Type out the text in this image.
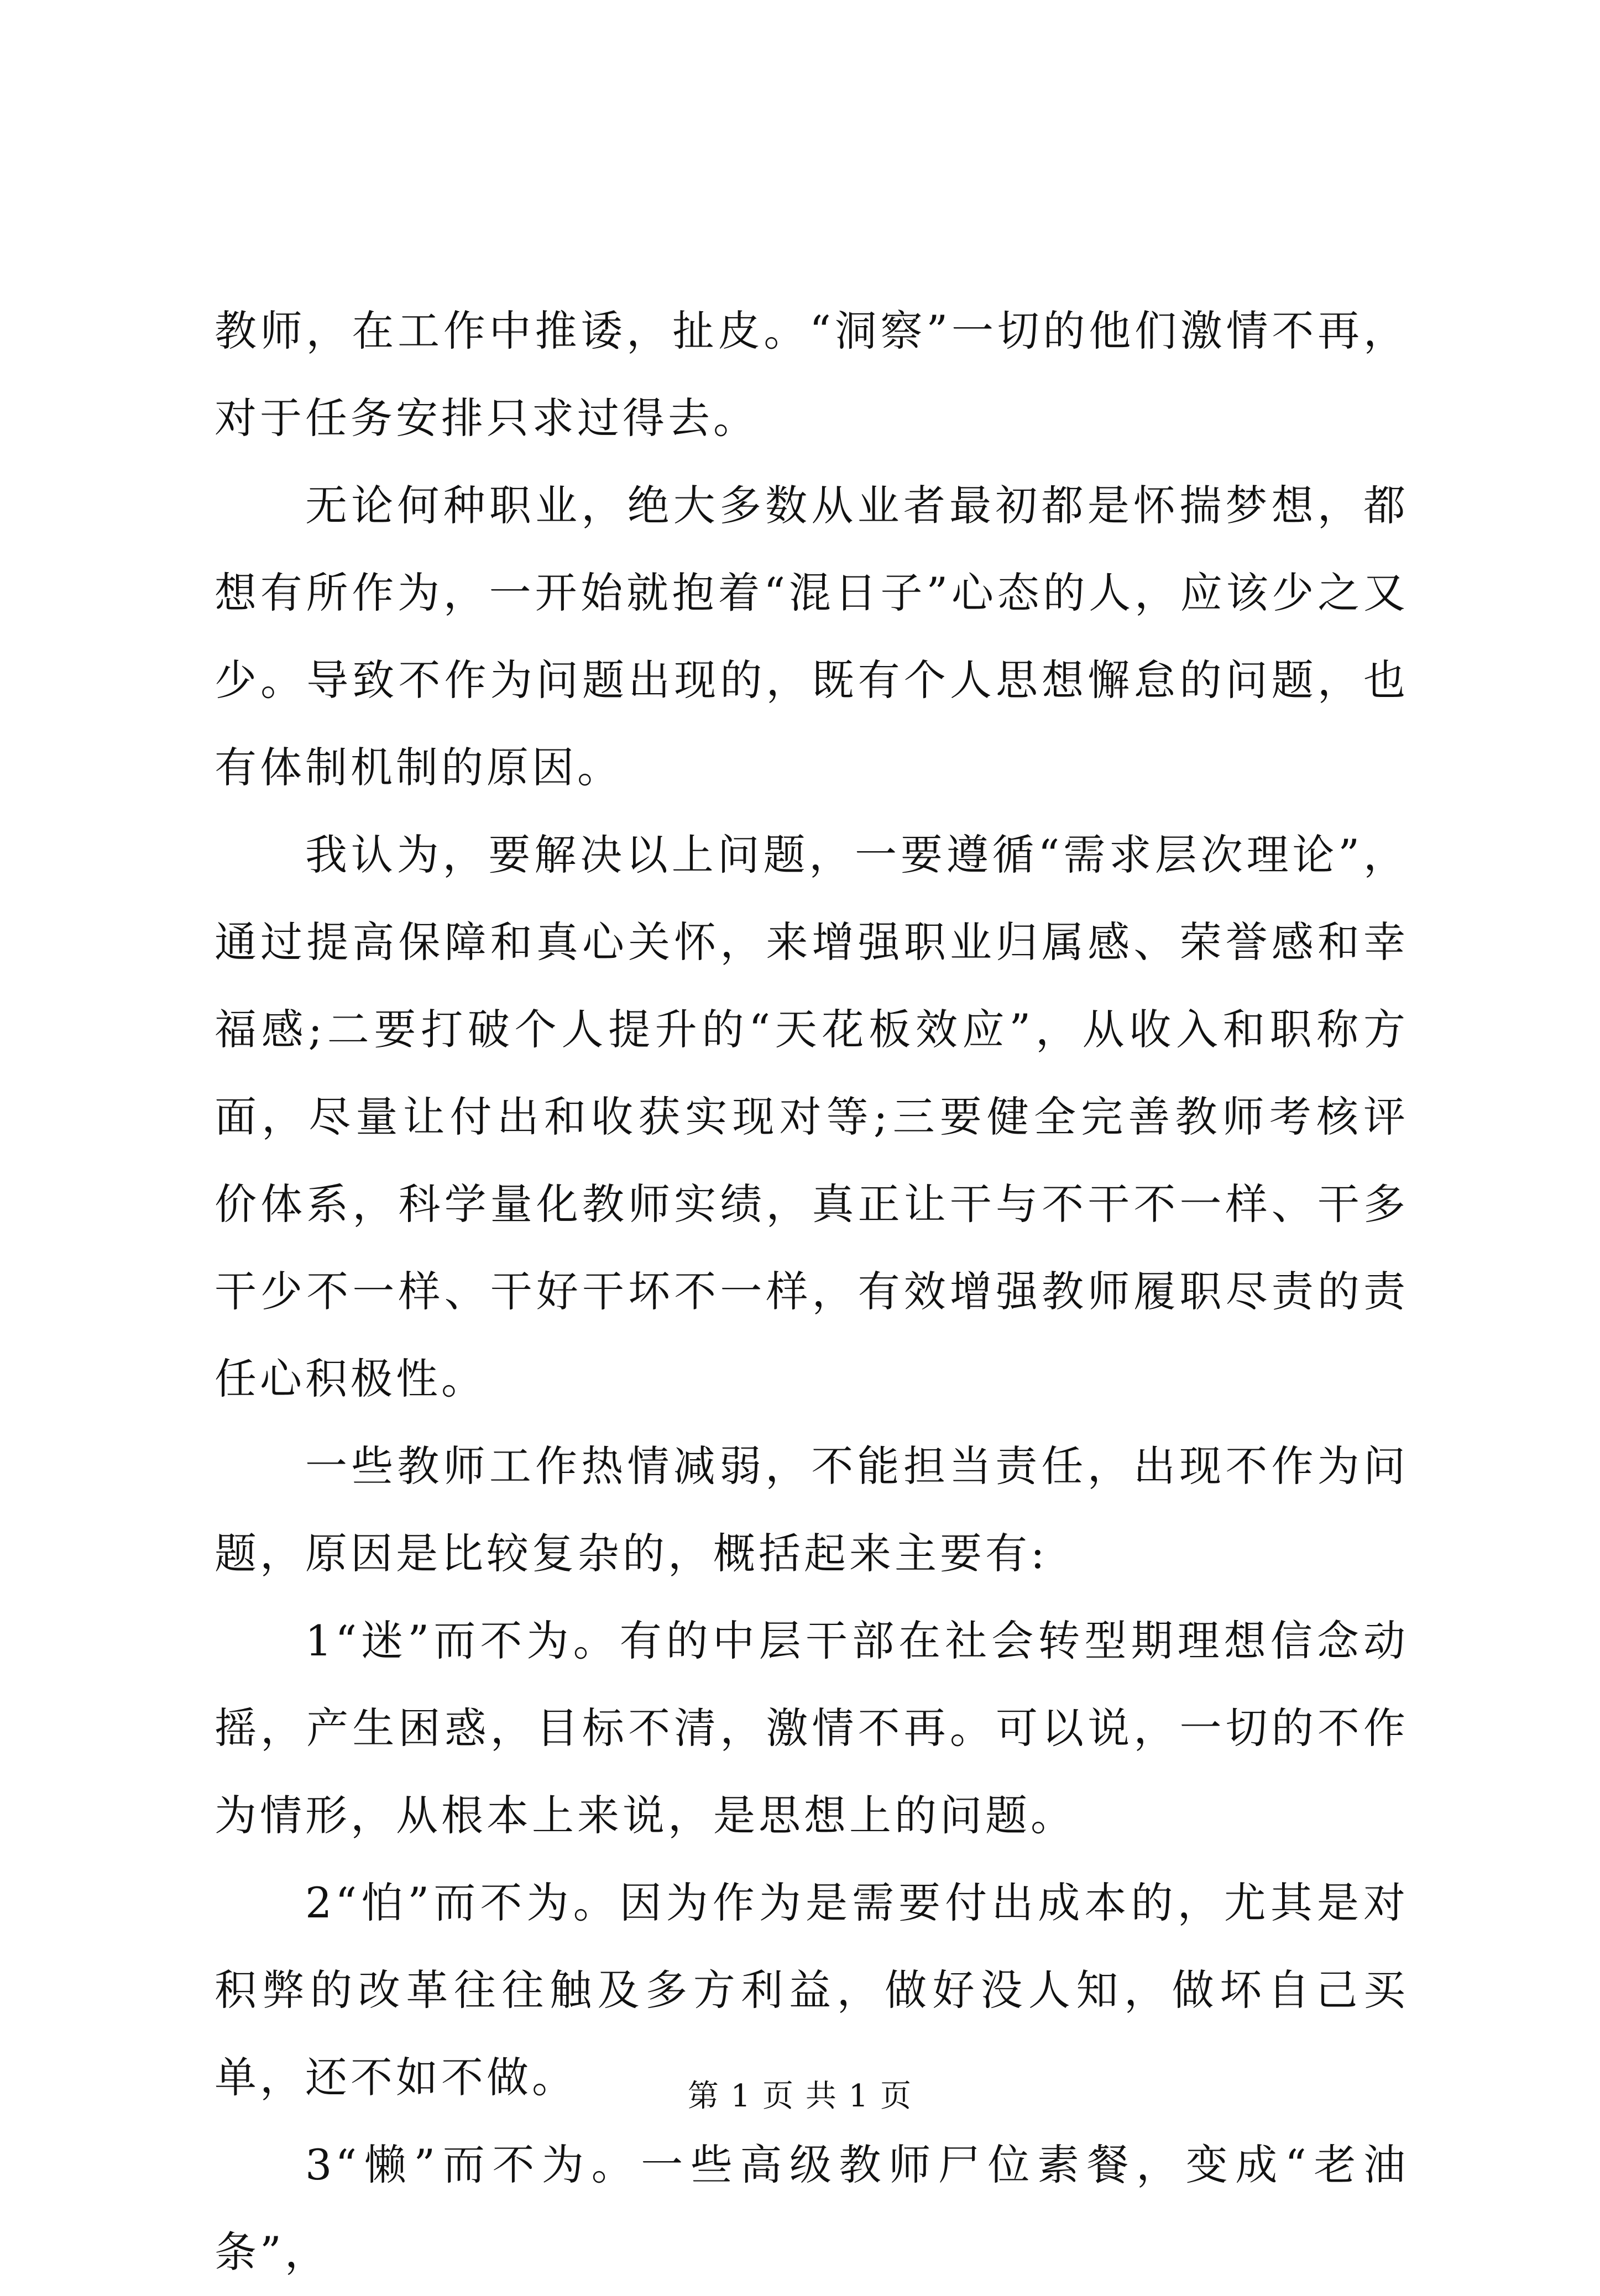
教师，在工作中推诿，扯皮。“洞察”一切的他们激情不再，对于任务安排只求过得去。

无论何种职业，绝大多数从业者最初都是怀揣梦想，都想有所作为，一开始就抱着“混日子”心态的人，应该少之又少。导致不作为问题出现的，既有个人思想懈怠的问题，也有体制机制的原因。

我认为，要解决以上问题，一要遵循“需求层次理论”，通过提高保障和真心关怀，来增强职业归属感、荣誉感和幸福感;二要打破个人提升的“天花板效应”，从收入和职称方面，尽量让付出和收获实现对等;三要健全完善教师考核评价体系，科学量化教师实绩，真正让干与不干不一样、干多干少不一样、干好干坏不一样，有效增强教师履职尽责的责任心积极性。

一些教师工作热情减弱，不能担当责任，出现不作为问题，原因是比较复杂的，概括起来主要有:

1“迷”而不为。有的中层干部在社会转型期理想信念动摇，产生困惑，目标不清，激情不再。可以说，一切的不作为情形，从根本上来说，是思想上的问题。

2“怕”而不为。因为作为是需要付出成本的，尤其是对积弊的改革往往触及多方利益，做好没人知，做坏自己买单，还不如不做。

3“懒”而不为。一些高级教师尸位素餐，变成“老油条”，

第 1 页 共 1 页
